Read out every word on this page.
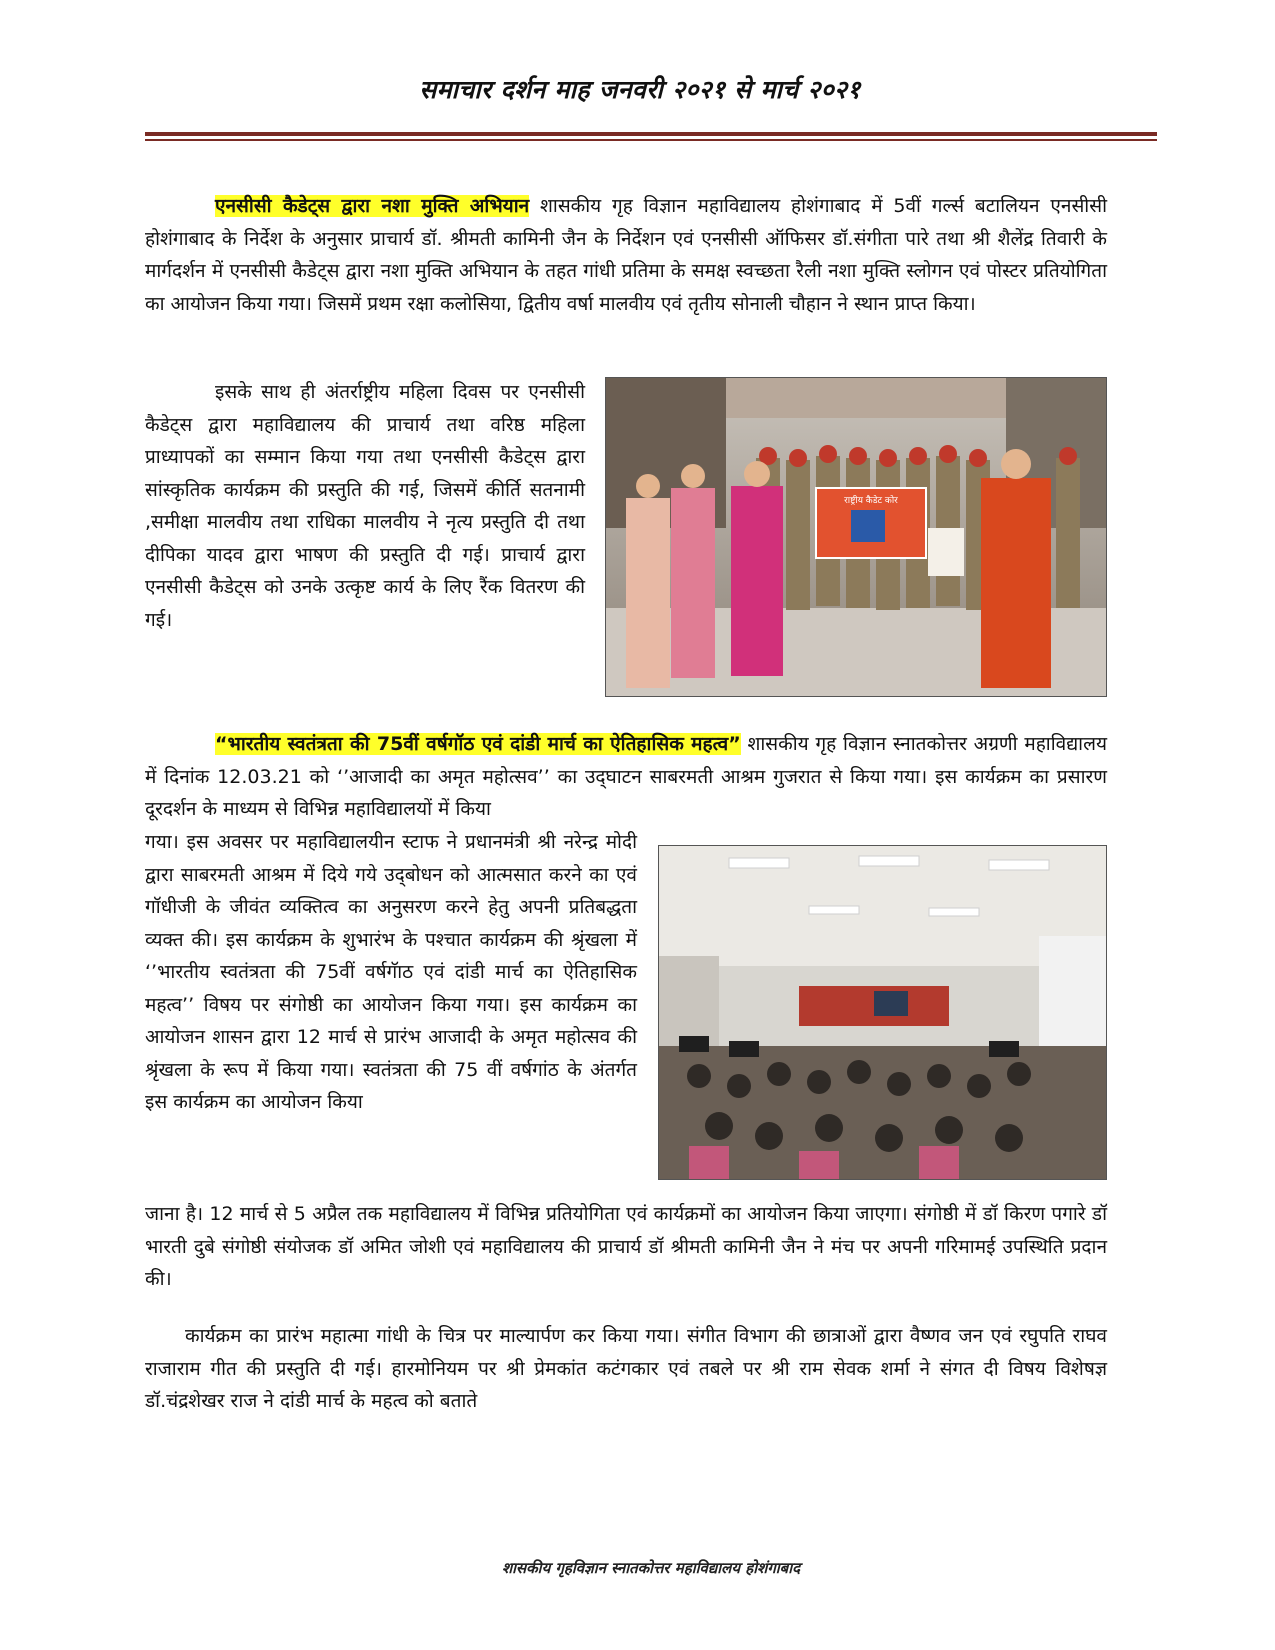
समाचार दर्शन माह जनवरी २०२१ से मार्च २०२१
एनसीसी कैडेट्स द्वारा नशा मुक्ति अभियान शासकीय गृह विज्ञान महाविद्यालय होशंगाबाद में 5वीं गर्ल्स बटालियन एनसीसी होशंगाबाद के निर्देश के अनुसार प्राचार्य डॉ. श्रीमती कामिनी जैन के निर्देशन एवं एनसीसी ऑफिसर डॉ.संगीता पारे तथा श्री शैलेंद्र तिवारी के मार्गदर्शन में एनसीसी कैडेट्स द्वारा नशा मुक्ति अभियान के तहत गांधी प्रतिमा के समक्ष स्वच्छता रैली नशा मुक्ति स्लोगन एवं पोस्टर प्रतियोगिता का आयोजन किया गया। जिसमें प्रथम रक्षा कलोसिया, द्वितीय वर्षा मालवीय एवं तृतीय सोनाली चौहान ने स्थान प्राप्त किया।
इसके साथ ही अंतर्राष्ट्रीय महिला दिवस पर एनसीसी कैडेट्स द्वारा महाविद्यालय की प्राचार्य तथा वरिष्ठ महिला प्राध्यापकों का सम्मान किया गया तथा एनसीसी कैडेट्स द्वारा सांस्कृतिक कार्यक्रम की प्रस्तुति की गई, जिसमें कीर्ति सतनामी ,समीक्षा मालवीय तथा राधिका मालवीय ने नृत्य प्रस्तुति दी तथा दीपिका यादव द्वारा भाषण की प्रस्तुति दी गई। प्राचार्य द्वारा एनसीसी कैडेट्स को उनके उत्कृष्ट कार्य के लिए रैंक वितरण की गई।
राष्ट्रीय कैडेट कोर
“भारतीय स्वतंत्रता की 75वीं वर्षगॉठ एवं दांडी मार्च का ऐतिहासिक महत्व” शासकीय गृह विज्ञान स्नातकोत्तर अग्रणी महाविद्यालय में दिनांक 12.03.21 को ‘’आजादी का अमृत महोत्सव’’ का उद्‌घाटन साबरमती आश्रम गुजरात से किया गया। इस कार्यक्रम का प्रसारण दूरदर्शन के माध्यम से विभिन्न महाविद्यालयों में किया
गया। इस अवसर पर महाविद्यालयीन स्टाफ ने प्रधानमंत्री श्री नरेन्द्र मोदी द्वारा साबरमती आश्रम में दिये गये उद्‌बोधन को आत्मसात करने का एवं गॉधीजी के जीवंत व्यक्तित्व का अनुसरण करने हेतु अपनी प्रतिबद्धता व्यक्त की। इस कार्यक्रम के शुभारंभ के पश्चात कार्यक्रम की श्रृंखला में ‘’भारतीय स्वतंत्रता की 75वीं वर्षगॅाठ एवं दांडी मार्च का ऐतिहासिक महत्व’’ विषय पर संगोष्ठी का आयोजन किया गया। इस कार्यक्रम का आयोजन शासन द्वारा 12 मार्च से प्रारंभ आजादी के अमृत महोत्सव की श्रृंखला के रूप में किया गया। स्वतंत्रता की 75 वीं वर्षगांठ के अंतर्गत इस कार्यक्रम का आयोजन किया
जाना है। 12 मार्च से 5 अप्रैल तक महाविद्यालय में विभिन्न प्रतियोगिता एवं कार्यक्रमों का आयोजन किया जाएगा। संगोष्ठी में डॉ किरण पगारे डॉ भारती दुबे संगोष्ठी संयोजक डॉ अमित जोशी एवं महाविद्यालय की प्राचार्य डॉ श्रीमती कामिनी जैन ने मंच पर अपनी गरिमामई उपस्थिति प्रदान की।
कार्यक्रम का प्रारंभ महात्मा गांधी के चित्र पर माल्यार्पण कर किया गया। संगीत विभाग की छात्राओं द्वारा वैष्णव जन एवं रघुपति राघव राजाराम गीत की प्रस्तुति दी गई। हारमोनियम पर श्री प्रेमकांत कटंगकार एवं तबले पर श्री राम सेवक शर्मा ने संगत दी विषय विशेषज्ञ डॉ.चंद्रशेखर राज ने दांडी मार्च के महत्व को बताते
शासकीय गृहविज्ञान स्नातकोत्तर महाविद्यालय होशंगाबाद
